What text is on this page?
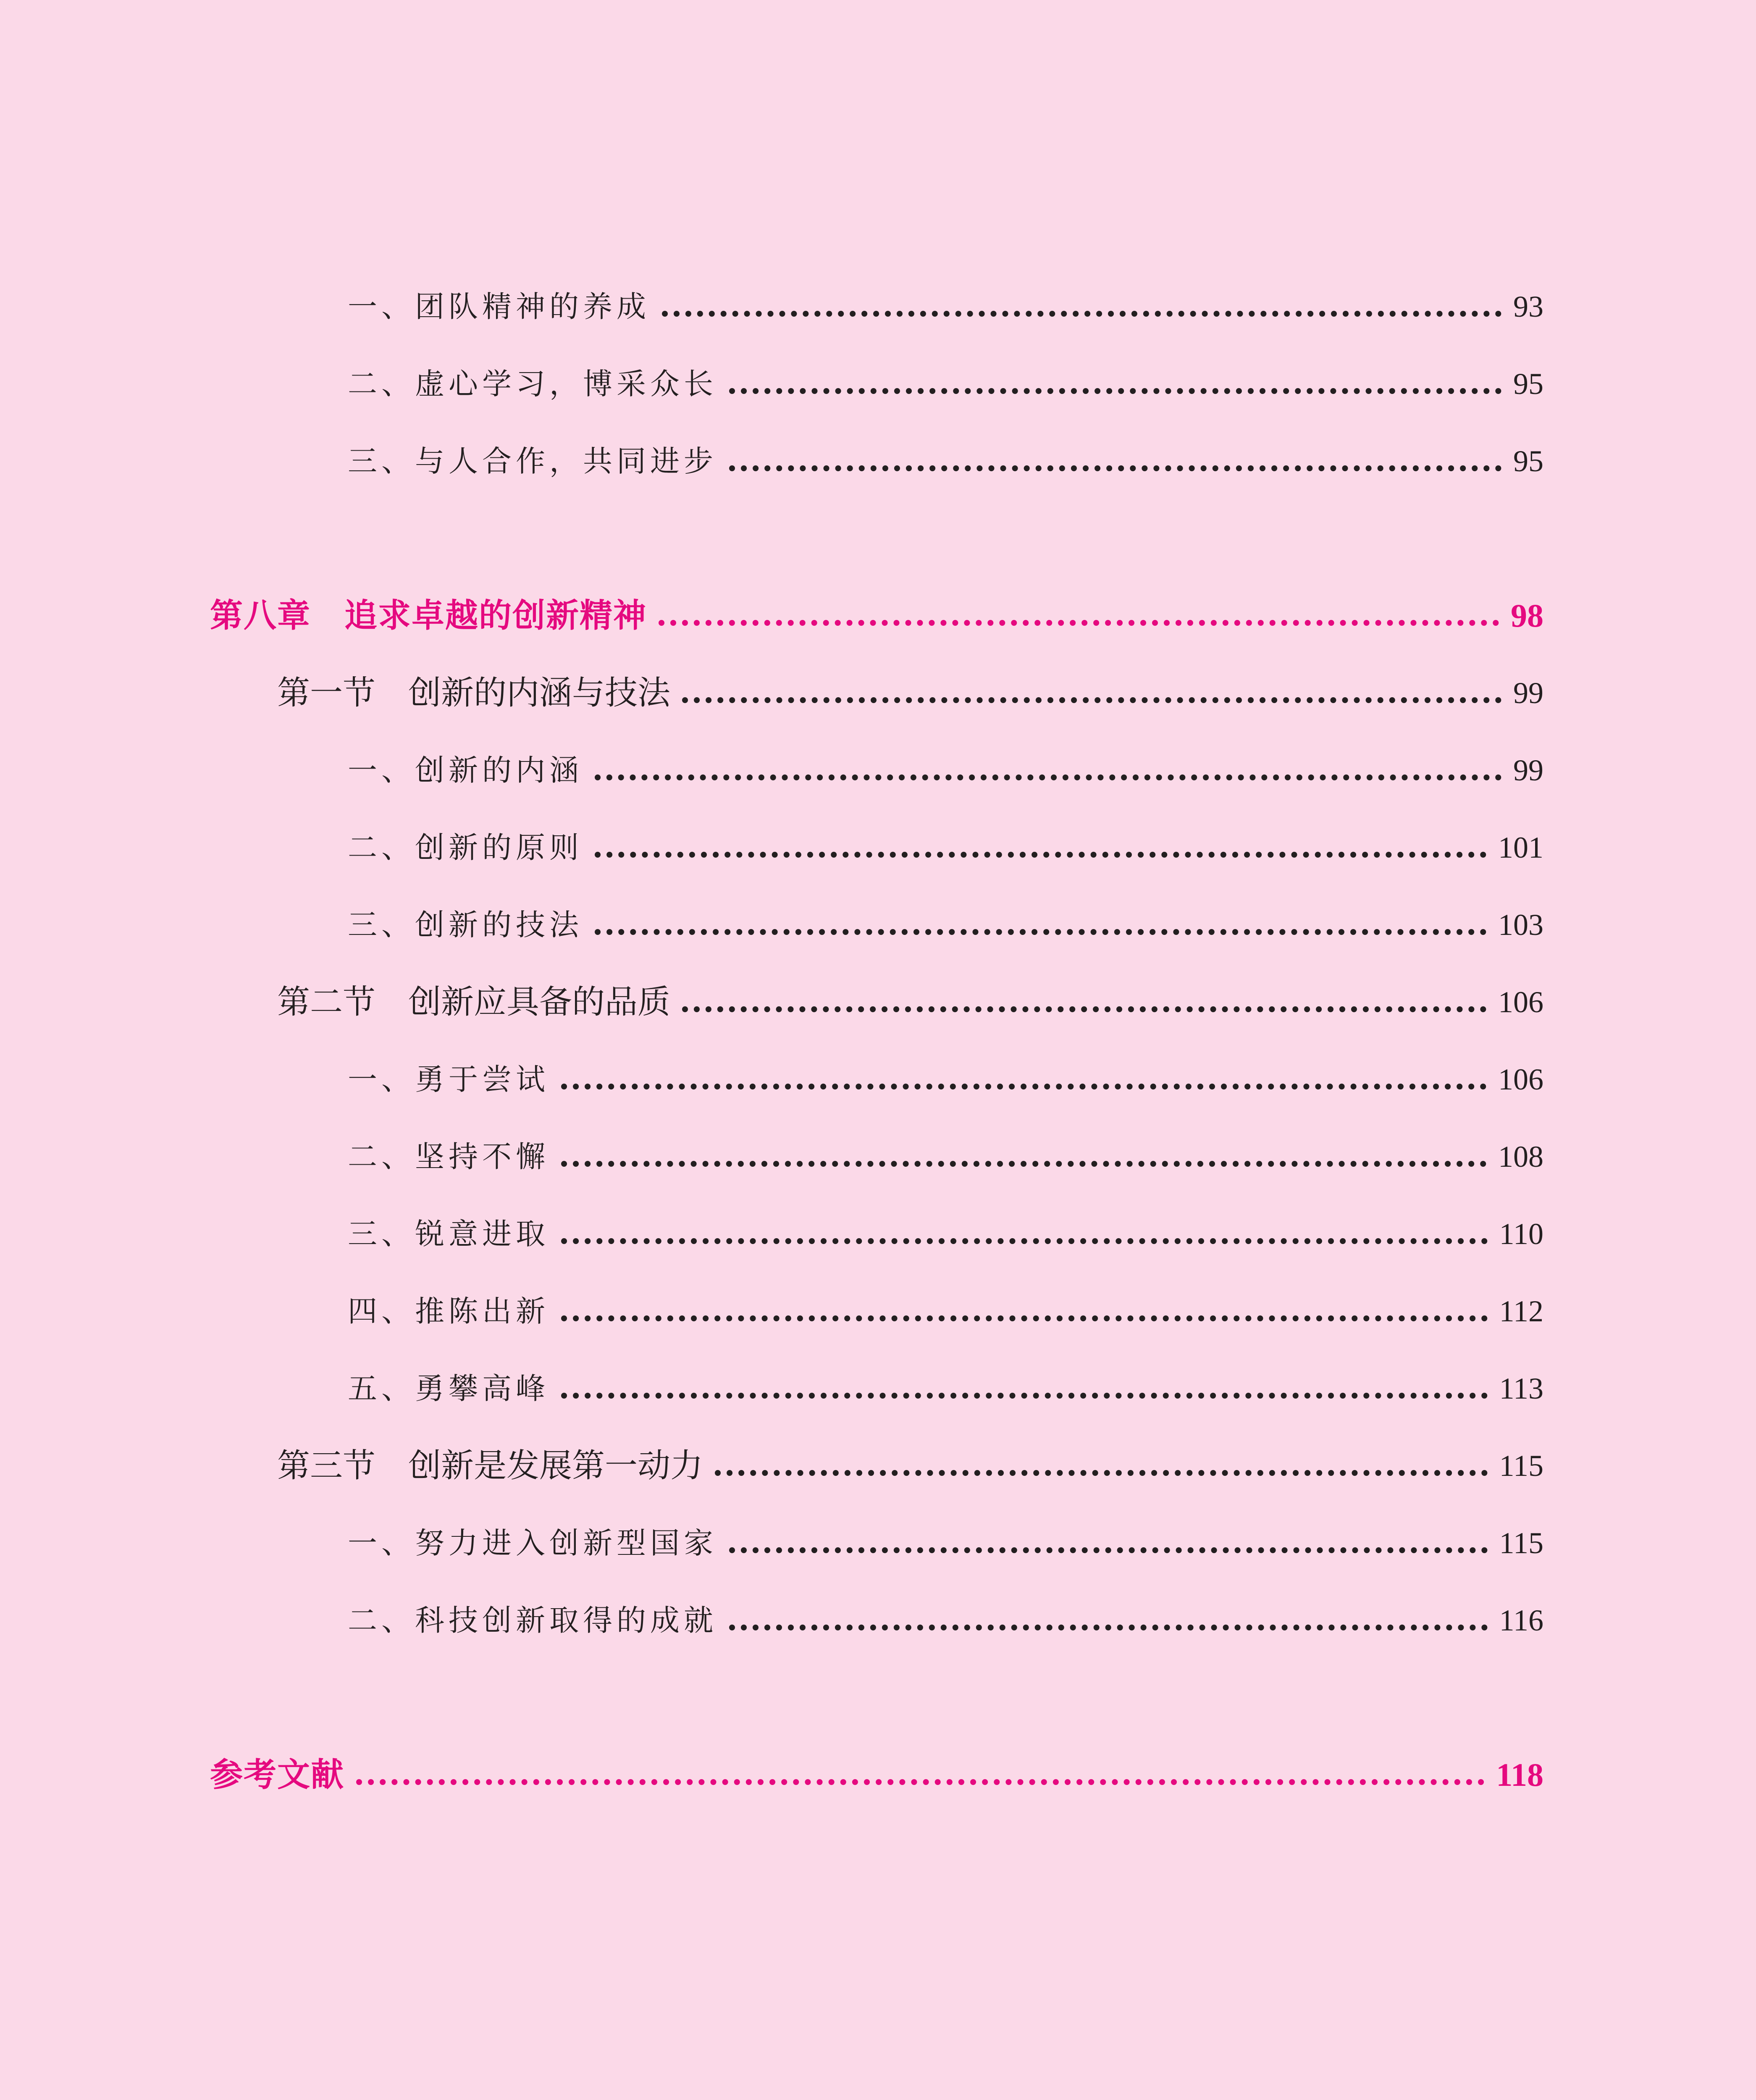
一、团队精神的养成	93
二、虚心学习，博采众长	95
三、与人合作，共同进步	95
第八章　追求卓越的创新精神	98
第一节　创新的内涵与技法	99
一、创新的内涵	99
二、创新的原则	101
三、创新的技法	103
第二节　创新应具备的品质	106
一、勇于尝试	106
二、坚持不懈	108
三、锐意进取	110
四、推陈出新	112
五、勇攀高峰	113
第三节　创新是发展第一动力	115
一、努力进入创新型国家	115
二、科技创新取得的成就	116
参考文献	118
